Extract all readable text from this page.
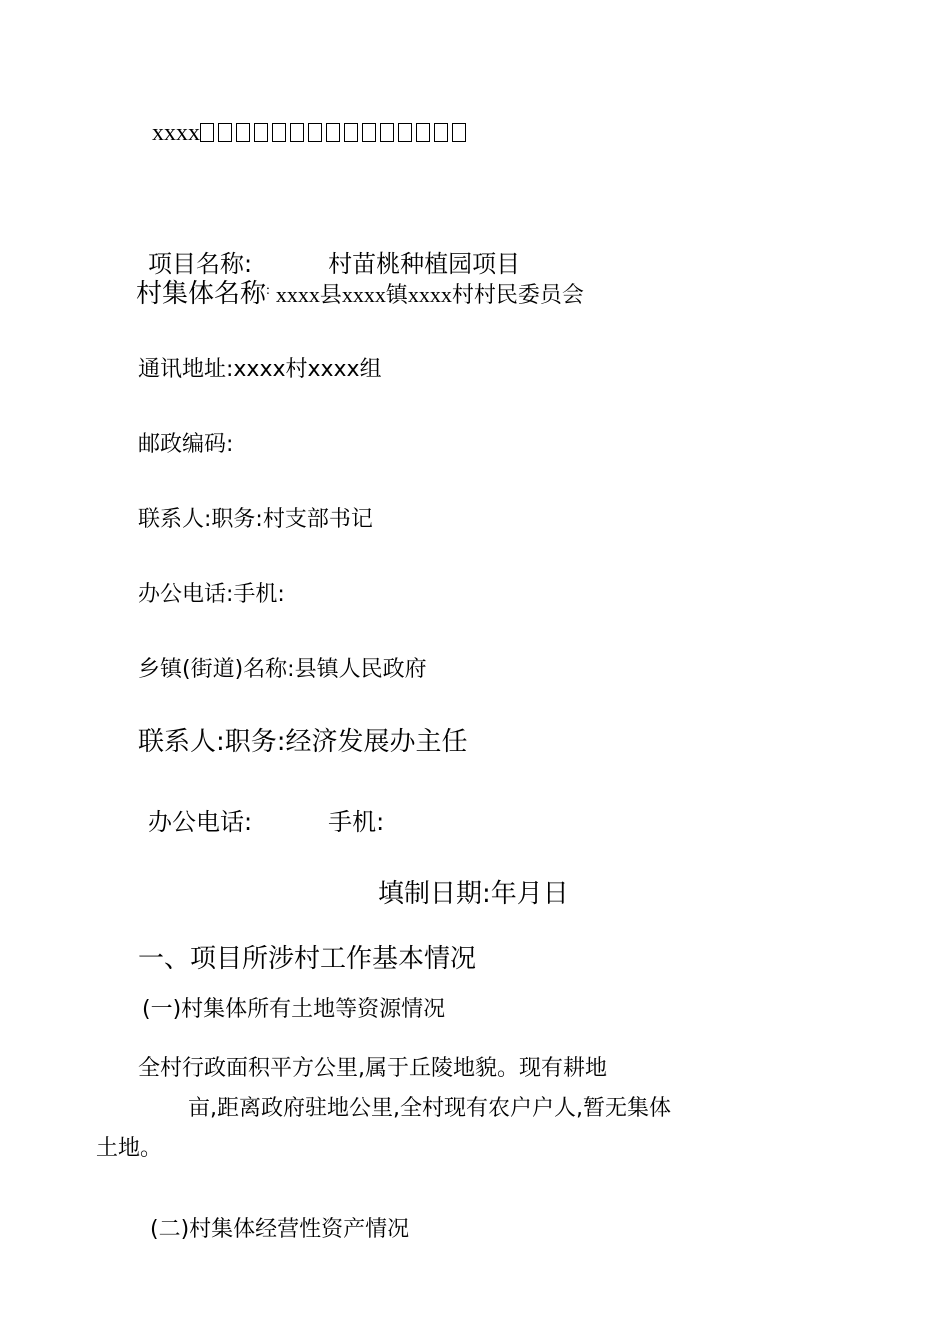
xxxx
项目名称:	村苗桃种植园项目
村集体名称: xxxx县xxxx镇xxxx村村民委员会
通讯地址:xxxx村xxxx组
邮政编码:
联系人:职务:村支部书记
办公电话:手机:
乡镇(街道)名称:县镇人民政府
联系人:职务:经济发展办主任
办公电话:	手机:
填制日期:年月日
一、项目所涉村工作基本情况
(一)村集体所有土地等资源情况
全村行政面积平方公里,属于丘陵地貌。现有耕地
亩,距离政府驻地公里,全村现有农户户人,暂无集体
土地。
(二)村集体经营性资产情况
